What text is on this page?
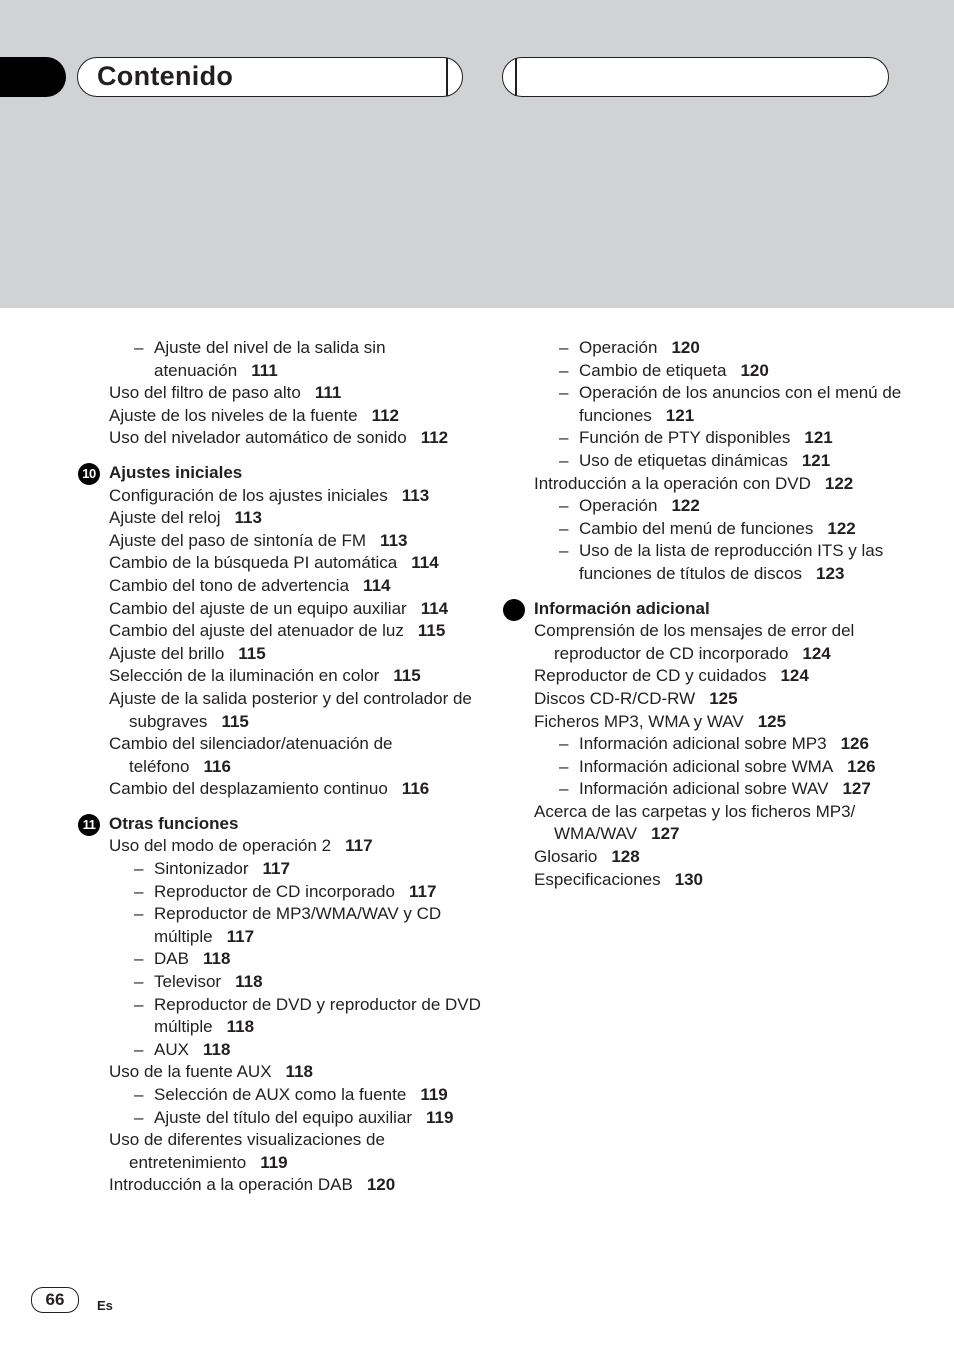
Contenido
– Ajuste del nivel de la salida sin atenuación 111
Uso del filtro de paso alto 111
Ajuste de los niveles de la fuente 112
Uso del nivelador automático de sonido 112
10 Ajustes iniciales
Configuración de los ajustes iniciales 113
Ajuste del reloj 113
Ajuste del paso de sintonía de FM 113
Cambio de la búsqueda PI automática 114
Cambio del tono de advertencia 114
Cambio del ajuste de un equipo auxiliar 114
Cambio del ajuste del atenuador de luz 115
Ajuste del brillo 115
Selección de la iluminación en color 115
Ajuste de la salida posterior y del controlador de subgraves 115
Cambio del silenciador/atenuación de teléfono 116
Cambio del desplazamiento continuo 116
11 Otras funciones
Uso del modo de operación 2 117
– Sintonizador 117
– Reproductor de CD incorporado 117
– Reproductor de MP3/WMA/WAV y CD múltiple 117
– DAB 118
– Televisor 118
– Reproductor de DVD y reproductor de DVD múltiple 118
– AUX 118
Uso de la fuente AUX 118
– Selección de AUX como la fuente 119
– Ajuste del título del equipo auxiliar 119
Uso de diferentes visualizaciones de entretenimiento 119
Introducción a la operación DAB 120
– Operación 120
– Cambio de etiqueta 120
– Operación de los anuncios con el menú de funciones 121
– Función de PTY disponibles 121
– Uso de etiquetas dinámicas 121
Introducción a la operación con DVD 122
– Operación 122
– Cambio del menú de funciones 122
– Uso de la lista de reproducción ITS y las funciones de títulos de discos 123
Información adicional
Comprensión de los mensajes de error del reproductor de CD incorporado 124
Reproductor de CD y cuidados 124
Discos CD-R/CD-RW 125
Ficheros MP3, WMA y WAV 125
– Información adicional sobre MP3 126
– Información adicional sobre WMA 126
– Información adicional sobre WAV 127
Acerca de las carpetas y los ficheros MP3/ WMA/WAV 127
Glosario 128
Especificaciones 130
66	Es
